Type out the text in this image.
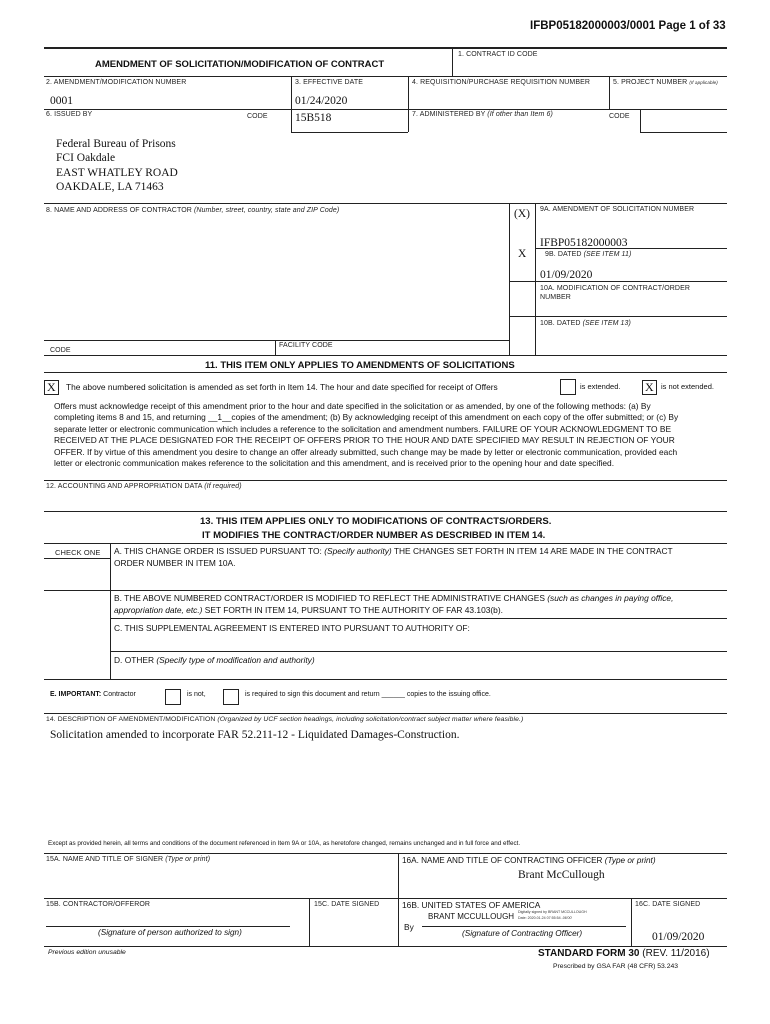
IFBP05182000003/0001 Page 1 of 33
AMENDMENT OF SOLICITATION/MODIFICATION OF CONTRACT
1. CONTRACT ID CODE
2. AMENDMENT/MODIFICATION NUMBER	3. EFFECTIVE DATE	4. REQUISITION/PURCHASE REQUISITION NUMBER	5. PROJECT NUMBER (If applicable)
0001	01/24/2020
6. ISSUED BY	CODE 15B518	7. ADMINISTERED BY (If other than Item 6)	CODE
Federal Bureau of Prisons
FCI Oakdale
EAST WHATLEY ROAD
OAKDALE, LA 71463
8. NAME AND ADDRESS OF CONTRACTOR (Number, street, country, state and ZIP Code)	(X) 9A. AMENDMENT OF SOLICITATION NUMBER
IFBP05182000003
X	9B. DATED (SEE ITEM 11)
01/09/2020
10A. MODIFICATION OF CONTRACT/ORDER NUMBER
10B. DATED (SEE ITEM 13)
CODE
FACILITY CODE
11. THIS ITEM ONLY APPLIES TO AMENDMENTS OF SOLICITATIONS
X The above numbered solicitation is amended as set forth in Item 14. The hour and date specified for receipt of Offers	is extended. X is not extended.
Offers must acknowledge receipt of this amendment prior to the hour and date specified in the solicitation or as amended, by one of the following methods: (a) By
completing items 8 and 15, and returning __1__copies of the amendment; (b) By acknowledging receipt of this amendment on each copy of the offer submitted; or (c) By
separate letter or electronic communication which includes a reference to the solicitation and amendment numbers. FAILURE OF YOUR ACKNOWLEDGMENT TO BE
RECEIVED AT THE PLACE DESIGNATED FOR THE RECEIPT OF OFFERS PRIOR TO THE HOUR AND DATE SPECIFIED MAY RESULT IN REJECTION OF YOUR
OFFER. If by virtue of this amendment you desire to change an offer already submitted, such change may be made by letter or electronic communication, provided each
letter or electronic communication makes reference to the solicitation and this amendment, and is received prior to the opening hour and date specified.
12. ACCOUNTING AND APPROPRIATION DATA (If required)
13. THIS ITEM APPLIES ONLY TO MODIFICATIONS OF CONTRACTS/ORDERS.
IT MODIFIES THE CONTRACT/ORDER NUMBER AS DESCRIBED IN ITEM 14.
CHECK ONE A. THIS CHANGE ORDER IS ISSUED PURSUANT TO: (Specify authority) THE CHANGES SET FORTH IN ITEM 14 ARE MADE IN THE CONTRACT
ORDER NUMBER IN ITEM 10A.
B. THE ABOVE NUMBERED CONTRACT/ORDER IS MODIFIED TO REFLECT THE ADMINISTRATIVE CHANGES (such as changes in paying office,
appropriation date, etc.) SET FORTH IN ITEM 14, PURSUANT TO THE AUTHORITY OF FAR 43.103(b).
C. THIS SUPPLEMENTAL AGREEMENT IS ENTERED INTO PURSUANT TO AUTHORITY OF:
D. OTHER (Specify type of modification and authority)
E. IMPORTANT: Contractor	is not,	is required to sign this document and return ______ copies to the issuing office.
14. DESCRIPTION OF AMENDMENT/MODIFICATION (Organized by UCF section headings, including solicitation/contract subject matter where feasible.)
Solicitation amended to incorporate FAR 52.211-12 - Liquidated Damages-Construction.
Except as provided herein, all terms and conditions of the document referenced in Item 9A or 10A, as heretofore changed, remains unchanged and in full force and effect.
15A. NAME AND TITLE OF SIGNER (Type or print)	16A. NAME AND TITLE OF CONTRACTING OFFICER (Type or print)
Brant McCullough
15B. CONTRACTOR/OFFEROR	15C. DATE SIGNED	16B. UNITED STATES OF AMERICA
BRANT MCCULLOUGH Digitally signed by BRANT MCCULLOUGH
Date: 2020.01.24 07:55:54 -06'00'
By
16C. DATE SIGNED
01/09/2020
(Signature of person authorized to sign)	(Signature of Contracting Officer)
Previous edition unusable	STANDARD FORM 30 (REV. 11/2016)
Prescribed by GSA FAR (48 CFR) 53.243
